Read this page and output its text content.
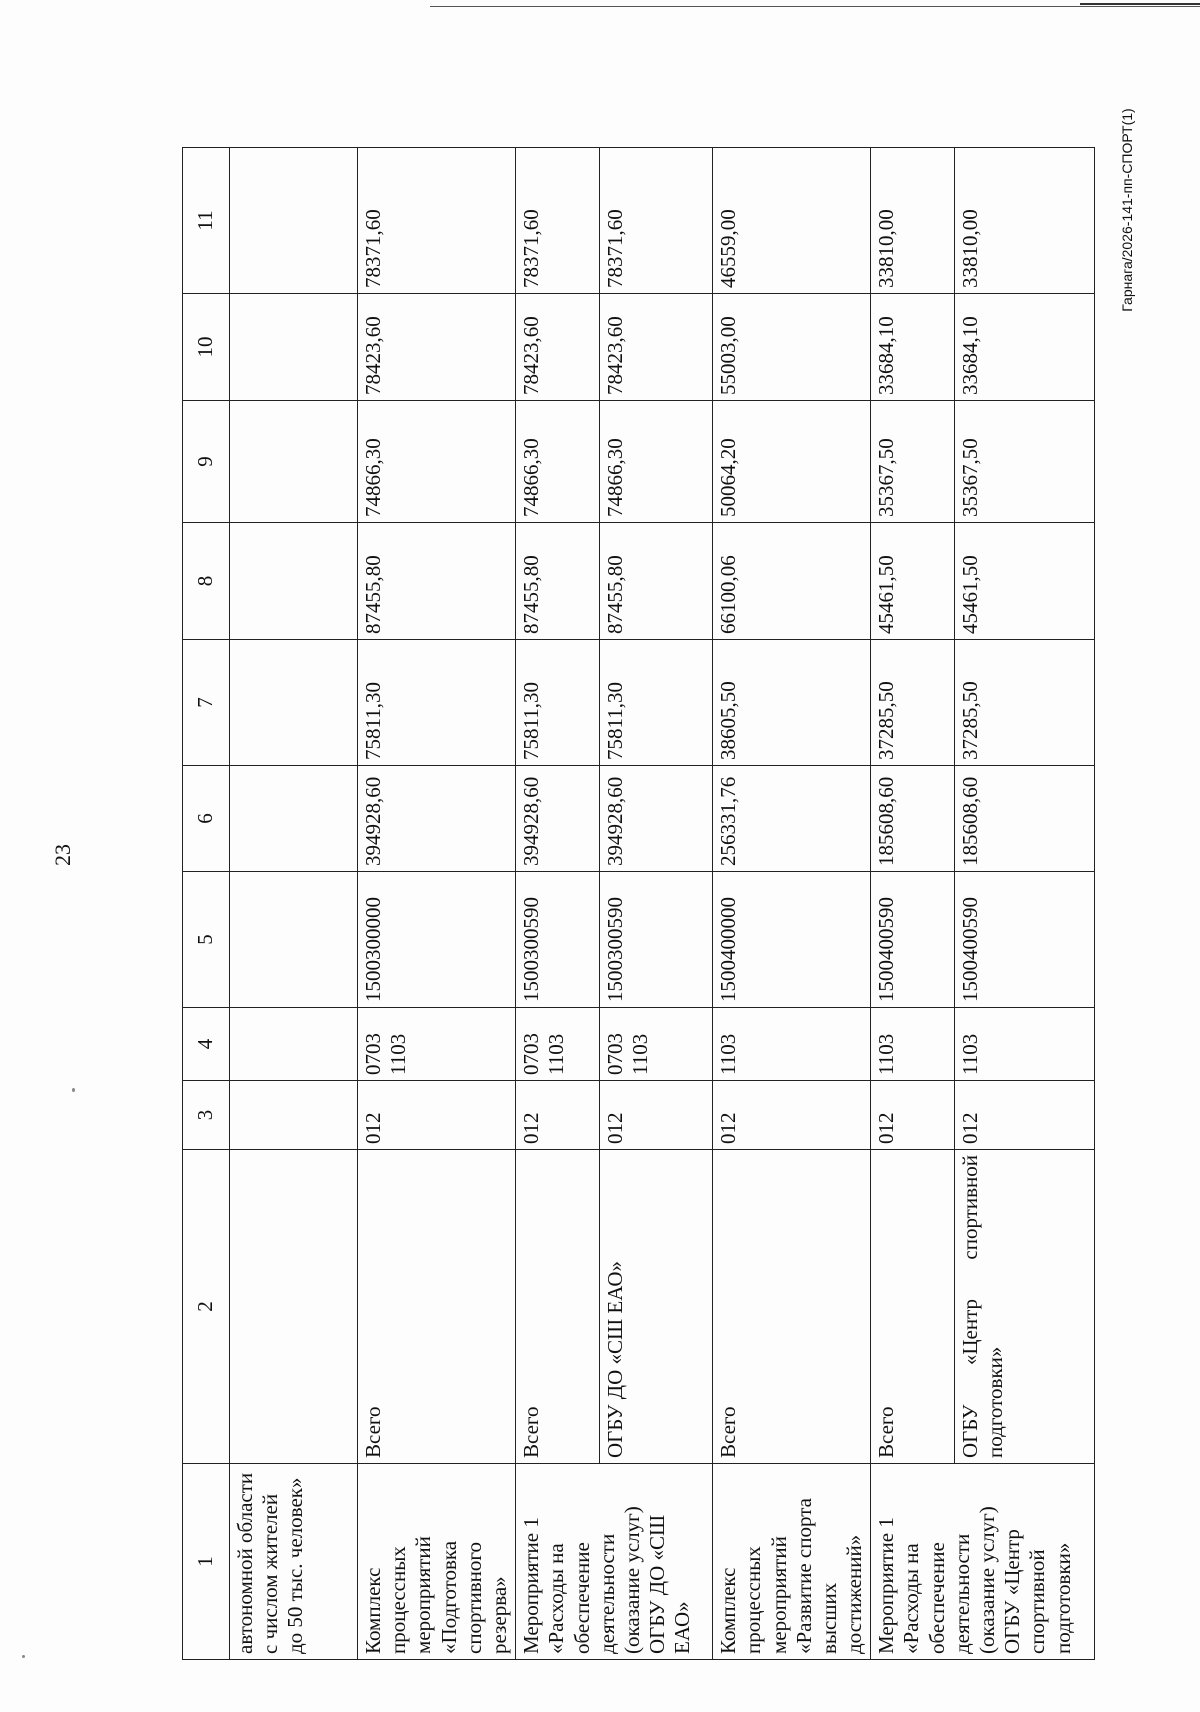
23
Гарнага/2026-141-пп-СПОРТ(1)
1	2	3	4	5	6	7	8	9	10	11
автономной области с числом жителей до 50 тыс. человек»										
Комплекс процессных мероприятий «Подготовка спортивного резерва»	Всего	012	0703 1103	1500300000	394928,60	75811,30	87455,80	74866,30	78423,60	78371,60
Мероприятие 1 «Расходы на обеспечение деятельности (оказание услуг) ОГБУ ДО «СШ ЕАО»	Всего	012	0703 1103	1500300590	394928,60	75811,30	87455,80	74866,30	78423,60	78371,60
	ОГБУ ДО «СШ ЕАО»	012	0703 1103	1500300590	394928,60	75811,30	87455,80	74866,30	78423,60	78371,60
Комплекс процессных мероприятий «Развитие спорта высших достижений»	Всего	012	1103	1500400000	256331,76	38605,50	66100,06	50064,20	55003,00	46559,00
Мероприятие 1 «Расходы на обеспечение деятельности (оказание услуг) ОГБУ «Центр спортивной подготовки»	Всего	012	1103	1500400590	185608,60	37285,50	45461,50	35367,50	33684,10	33810,00
	ОГБУ «Центр спортивной подготовки»	012	1103	1500400590	185608,60	37285,50	45461,50	35367,50	33684,10	33810,00
